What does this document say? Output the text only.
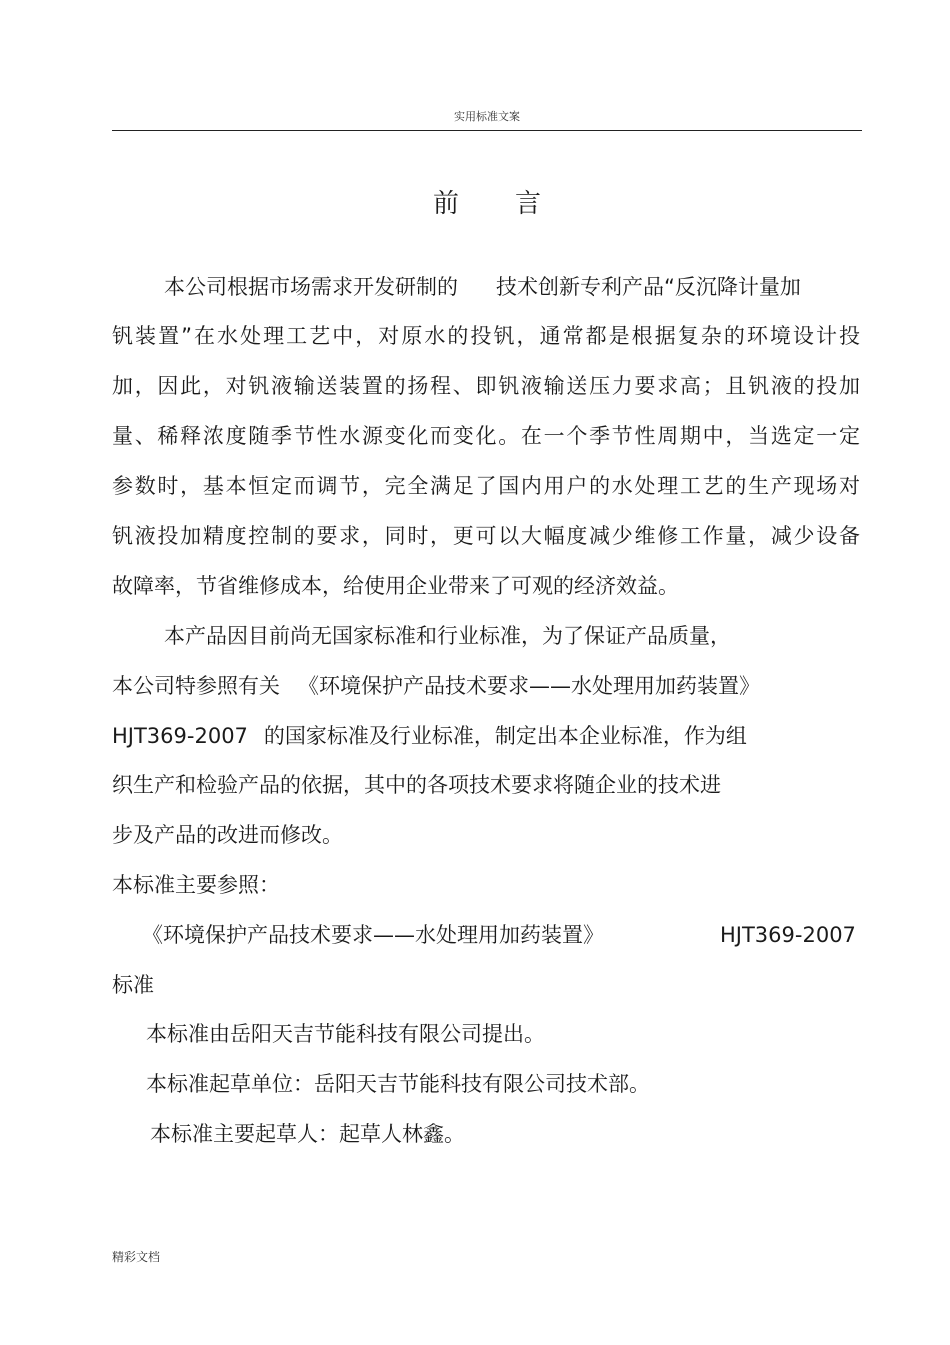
实用标准文案
前言
本公司根据市场需求开发研制的 技术创新专利产品“反沉降计量加
钒装置”在水处理工艺中，对原水的投钒，通常都是根据复杂的环境设计投
加，因此，对钒液输送装置的扬程、即钒液输送压力要求高；且钒液的投加
量、稀释浓度随季节性水源变化而变化。在一个季节性周期中，当选定一定
参数时，基本恒定而调节，完全满足了国内用户的水处理工艺的生产现场对
钒液投加精度控制的要求，同时，更可以大幅度减少维修工作量，减少设备
故障率，节省维修成本，给使用企业带来了可观的经济效益。
本产品因目前尚无国家标准和行业标准，为了保证产品质量，
本公司特参照有关 《环境保护产品技术要求——水处理用加药装置》
HJT369-2007 的国家标准及行业标准，制定出本企业标准，作为组
织生产和检验产品的依据，其中的各项技术要求将随企业的技术进
步及产品的改进而修改。
本标准主要参照：
《环境保护产品技术要求——水处理用加药装置》	HJT369-2007
标准
本标准由岳阳天吉节能科技有限公司提出。
本标准起草单位：岳阳天吉节能科技有限公司技术部。
本标准主要起草人：起草人林鑫。
精彩文档
